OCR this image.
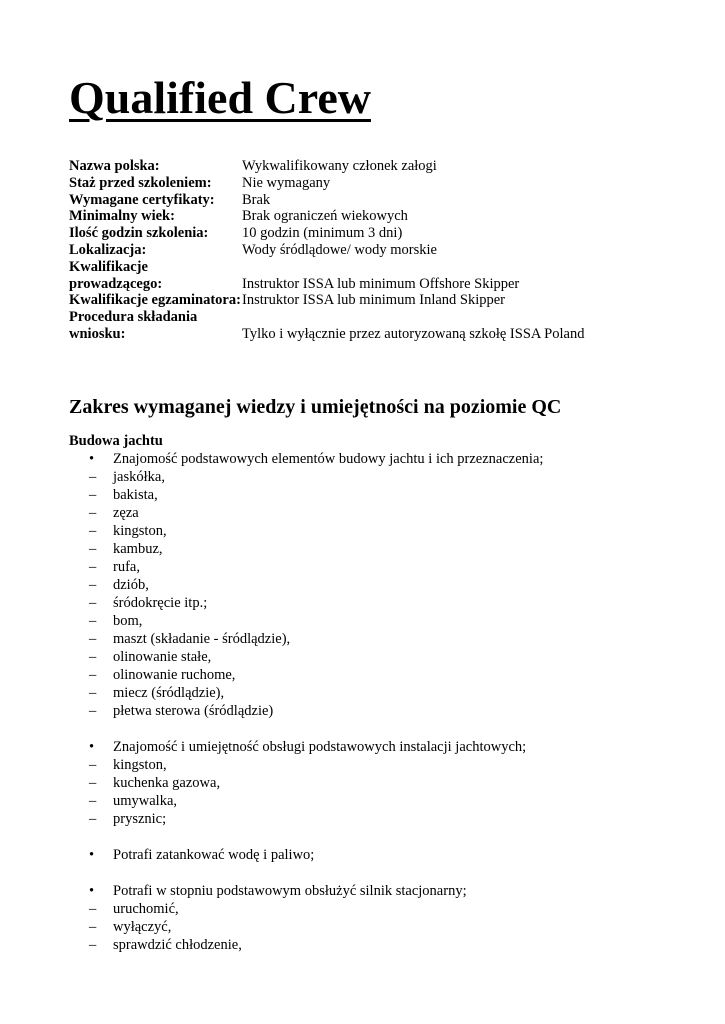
Qualified Crew
Nazwa polska:	Wykwalifikowany członek załogi
Staż przed szkoleniem:	Nie wymagany
Wymagane certyfikaty:	Brak
Minimalny wiek:	Brak ograniczeń wiekowych
Ilość godzin szkolenia:	10 godzin (minimum 3 dni)
Lokalizacja:	Wody śródlądowe/ wody morskie
Kwalifikacje prowadzącego:	Instruktor ISSA lub minimum Offshore Skipper
Kwalifikacje egzaminatora: Instruktor ISSA lub minimum Inland Skipper
Procedura składania wniosku:	Tylko i wyłącznie przez autoryzowaną szkołę ISSA Poland
Zakres wymaganej wiedzy i umiejętności na poziomie QC
Budowa jachtu
•	Znajomość podstawowych elementów budowy jachtu i ich przeznaczenia;
–	jaskółka,
–	bakista,
–	zęza
–	kingston,
–	kambuz,
–	rufa,
–	dziób,
–	śródokręcie itp.;
–	bom,
–	maszt (składanie - śródlądzie),
–	olinowanie stałe,
–	olinowanie ruchome,
–	miecz (śródlądzie),
–	płetwa sterowa (śródlądzie)
•	Znajomość i umiejętność obsługi podstawowych instalacji jachtowych;
–	kingston,
–	kuchenka gazowa,
–	umywalka,
–	prysznic;
•	Potrafi zatankować wodę i paliwo;
•	Potrafi w stopniu podstawowym obsłużyć silnik stacjonarny;
–	uruchomić,
–	wyłączyć,
–	sprawdzić chłodzenie,
